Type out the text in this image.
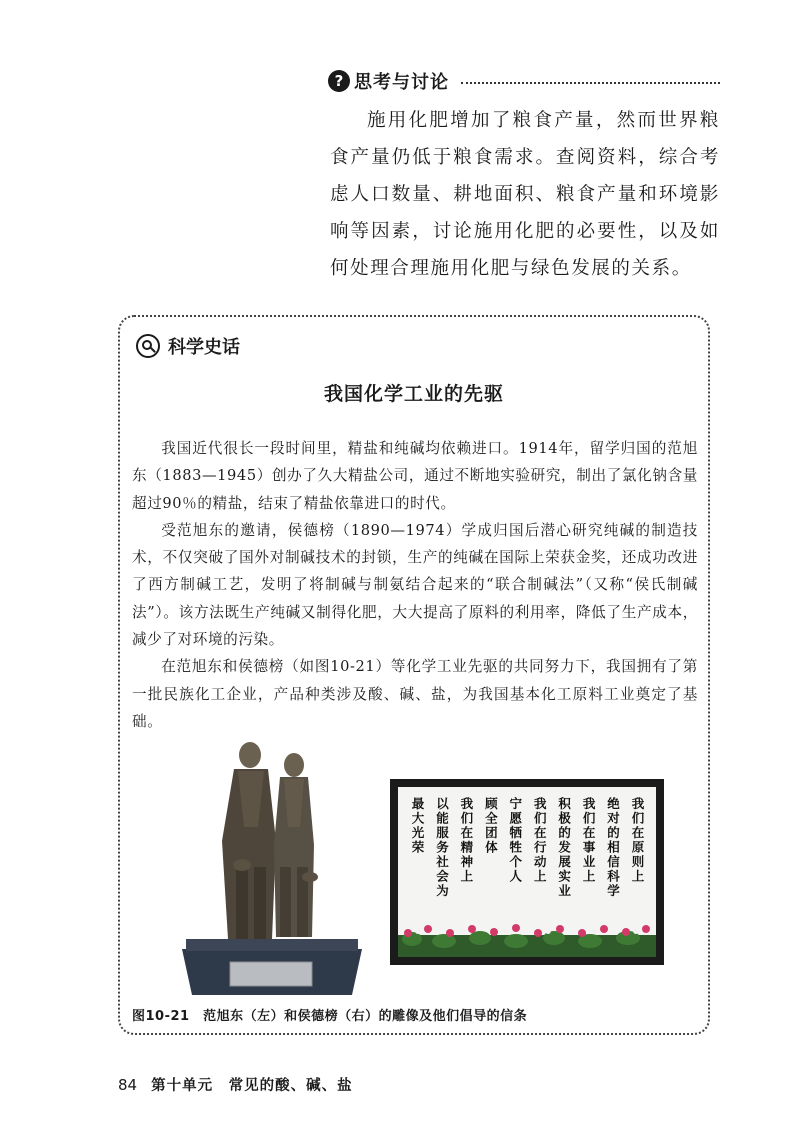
? 思考与讨论
施用化肥增加了粮食产量，然而世界粮食产量仍低于粮食需求。查阅资料，综合考虑人口数量、耕地面积、粮食产量和环境影响等因素，讨论施用化肥的必要性，以及如何处理合理施用化肥与绿色发展的关系。
科学史话
我国化学工业的先驱

我国近代很长一段时间里，精盐和纯碱均依赖进口。1914年，留学归国的范旭东（1883—1945）创办了久大精盐公司，通过不断地实验研究，制出了氯化钠含量超过90％的精盐，结束了精盐依靠进口的时代。

受范旭东的邀请，侯德榜（1890—1974）学成归国后潜心研究纯碱的制造技术，不仅突破了国外对制碱技术的封锁，生产的纯碱在国际上荣获金奖，还成功改进了西方制碱工艺，发明了将制碱与制氨结合起来的“联合制碱法”（又称“侯氏制碱法”）。该方法既生产纯碱又制得化肥，大大提高了原料的利用率，降低了生产成本，减少了对环境的污染。

在范旭东和侯德榜（如图10-21）等化学工业先驱的共同努力下，我国拥有了第一批民族化工企业，产品种类涉及酸、碱、盐，为我国基本化工原料工业奠定了基础。

我们在原则上
绝对的相信科学
我们在事业上
积极的发展实业
我们在行动上
宁愿牺牲个人
顾全团体
我们在精神上
以能服务社会为
最大光荣
图10-21　范旭东（左）和侯德榜（右）的雕像及他们倡导的信条
84 第十单元　常见的酸、碱、盐
